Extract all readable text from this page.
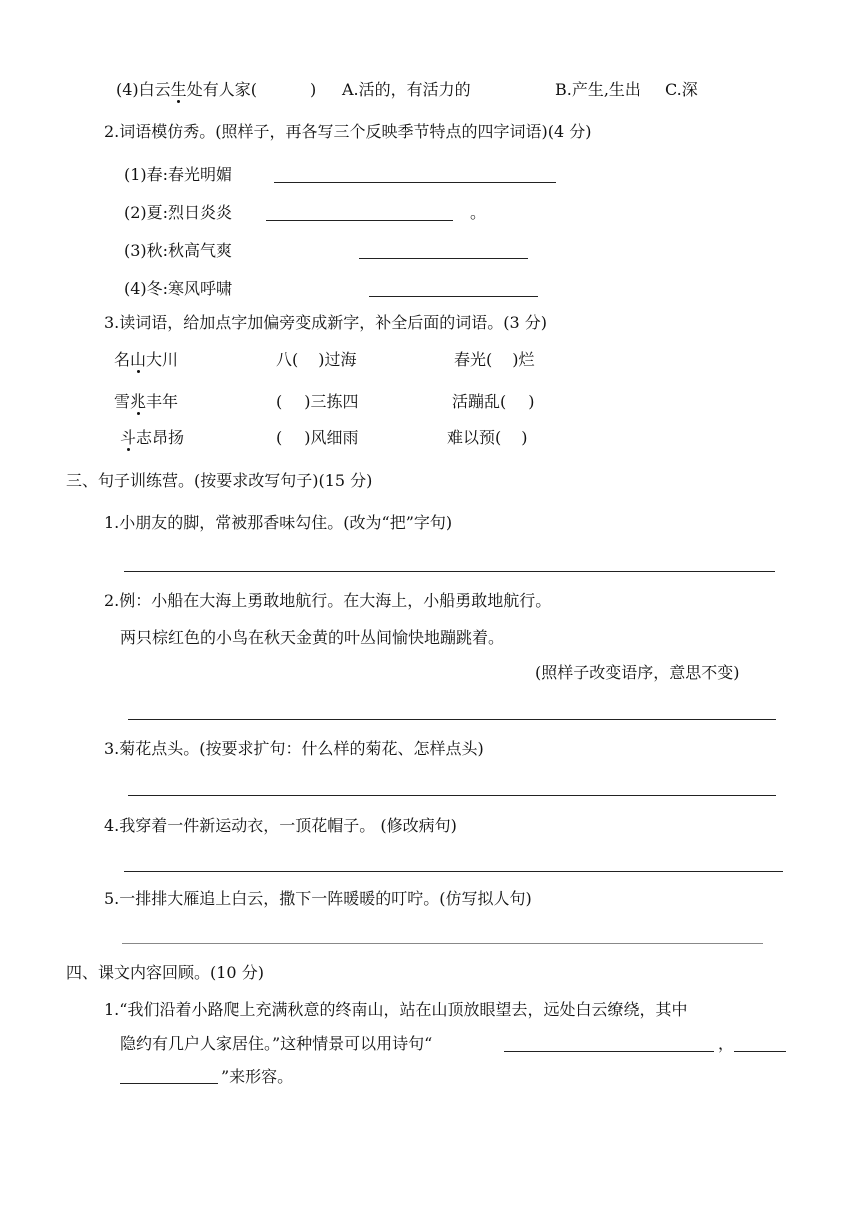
(4)白云生处有人家(	) A.活的，有活力的	B.产生,生出 C.深
2.词语模仿秀。(照样子，再各写三个反映季节特点的四字词语)(4 分)
(1)春:春光明媚
(2)夏:烈日炎炎	。
(3)秋:秋高气爽
(4)冬:寒风呼啸
3.读词语，给加点字加偏旁变成新字，补全后面的词语。(3 分)
名山大川	八( )过海	春光( )烂
雪兆丰年	( )三拣四	活蹦乱( )
斗志昂扬	( )风细雨	难以预( )
三、句子训练营。(按要求改写句子)(15 分)
1.小朋友的脚，常被那香味勾住。(改为“把”字句)
2.例：小船在大海上勇敢地航行。在大海上，小船勇敢地航行。
两只棕红色的小鸟在秋天金黄的叶丛间愉快地蹦跳着。
(照样子改变语序，意思不变)
3.菊花点头。(按要求扩句：什么样的菊花、怎样点头)
4.我穿着一件新运动衣，一顶花帽子。 (修改病句)
5.一排排大雁追上白云，撒下一阵暖暖的叮咛。(仿写拟人句)
四、课文内容回顾。(10 分)
1.“我们沿着小路爬上充满秋意的终南山，站在山顶放眼望去，远处白云缭绕，其中
隐约有几户人家居住。”这种情景可以用诗句“	，
”来形容。
